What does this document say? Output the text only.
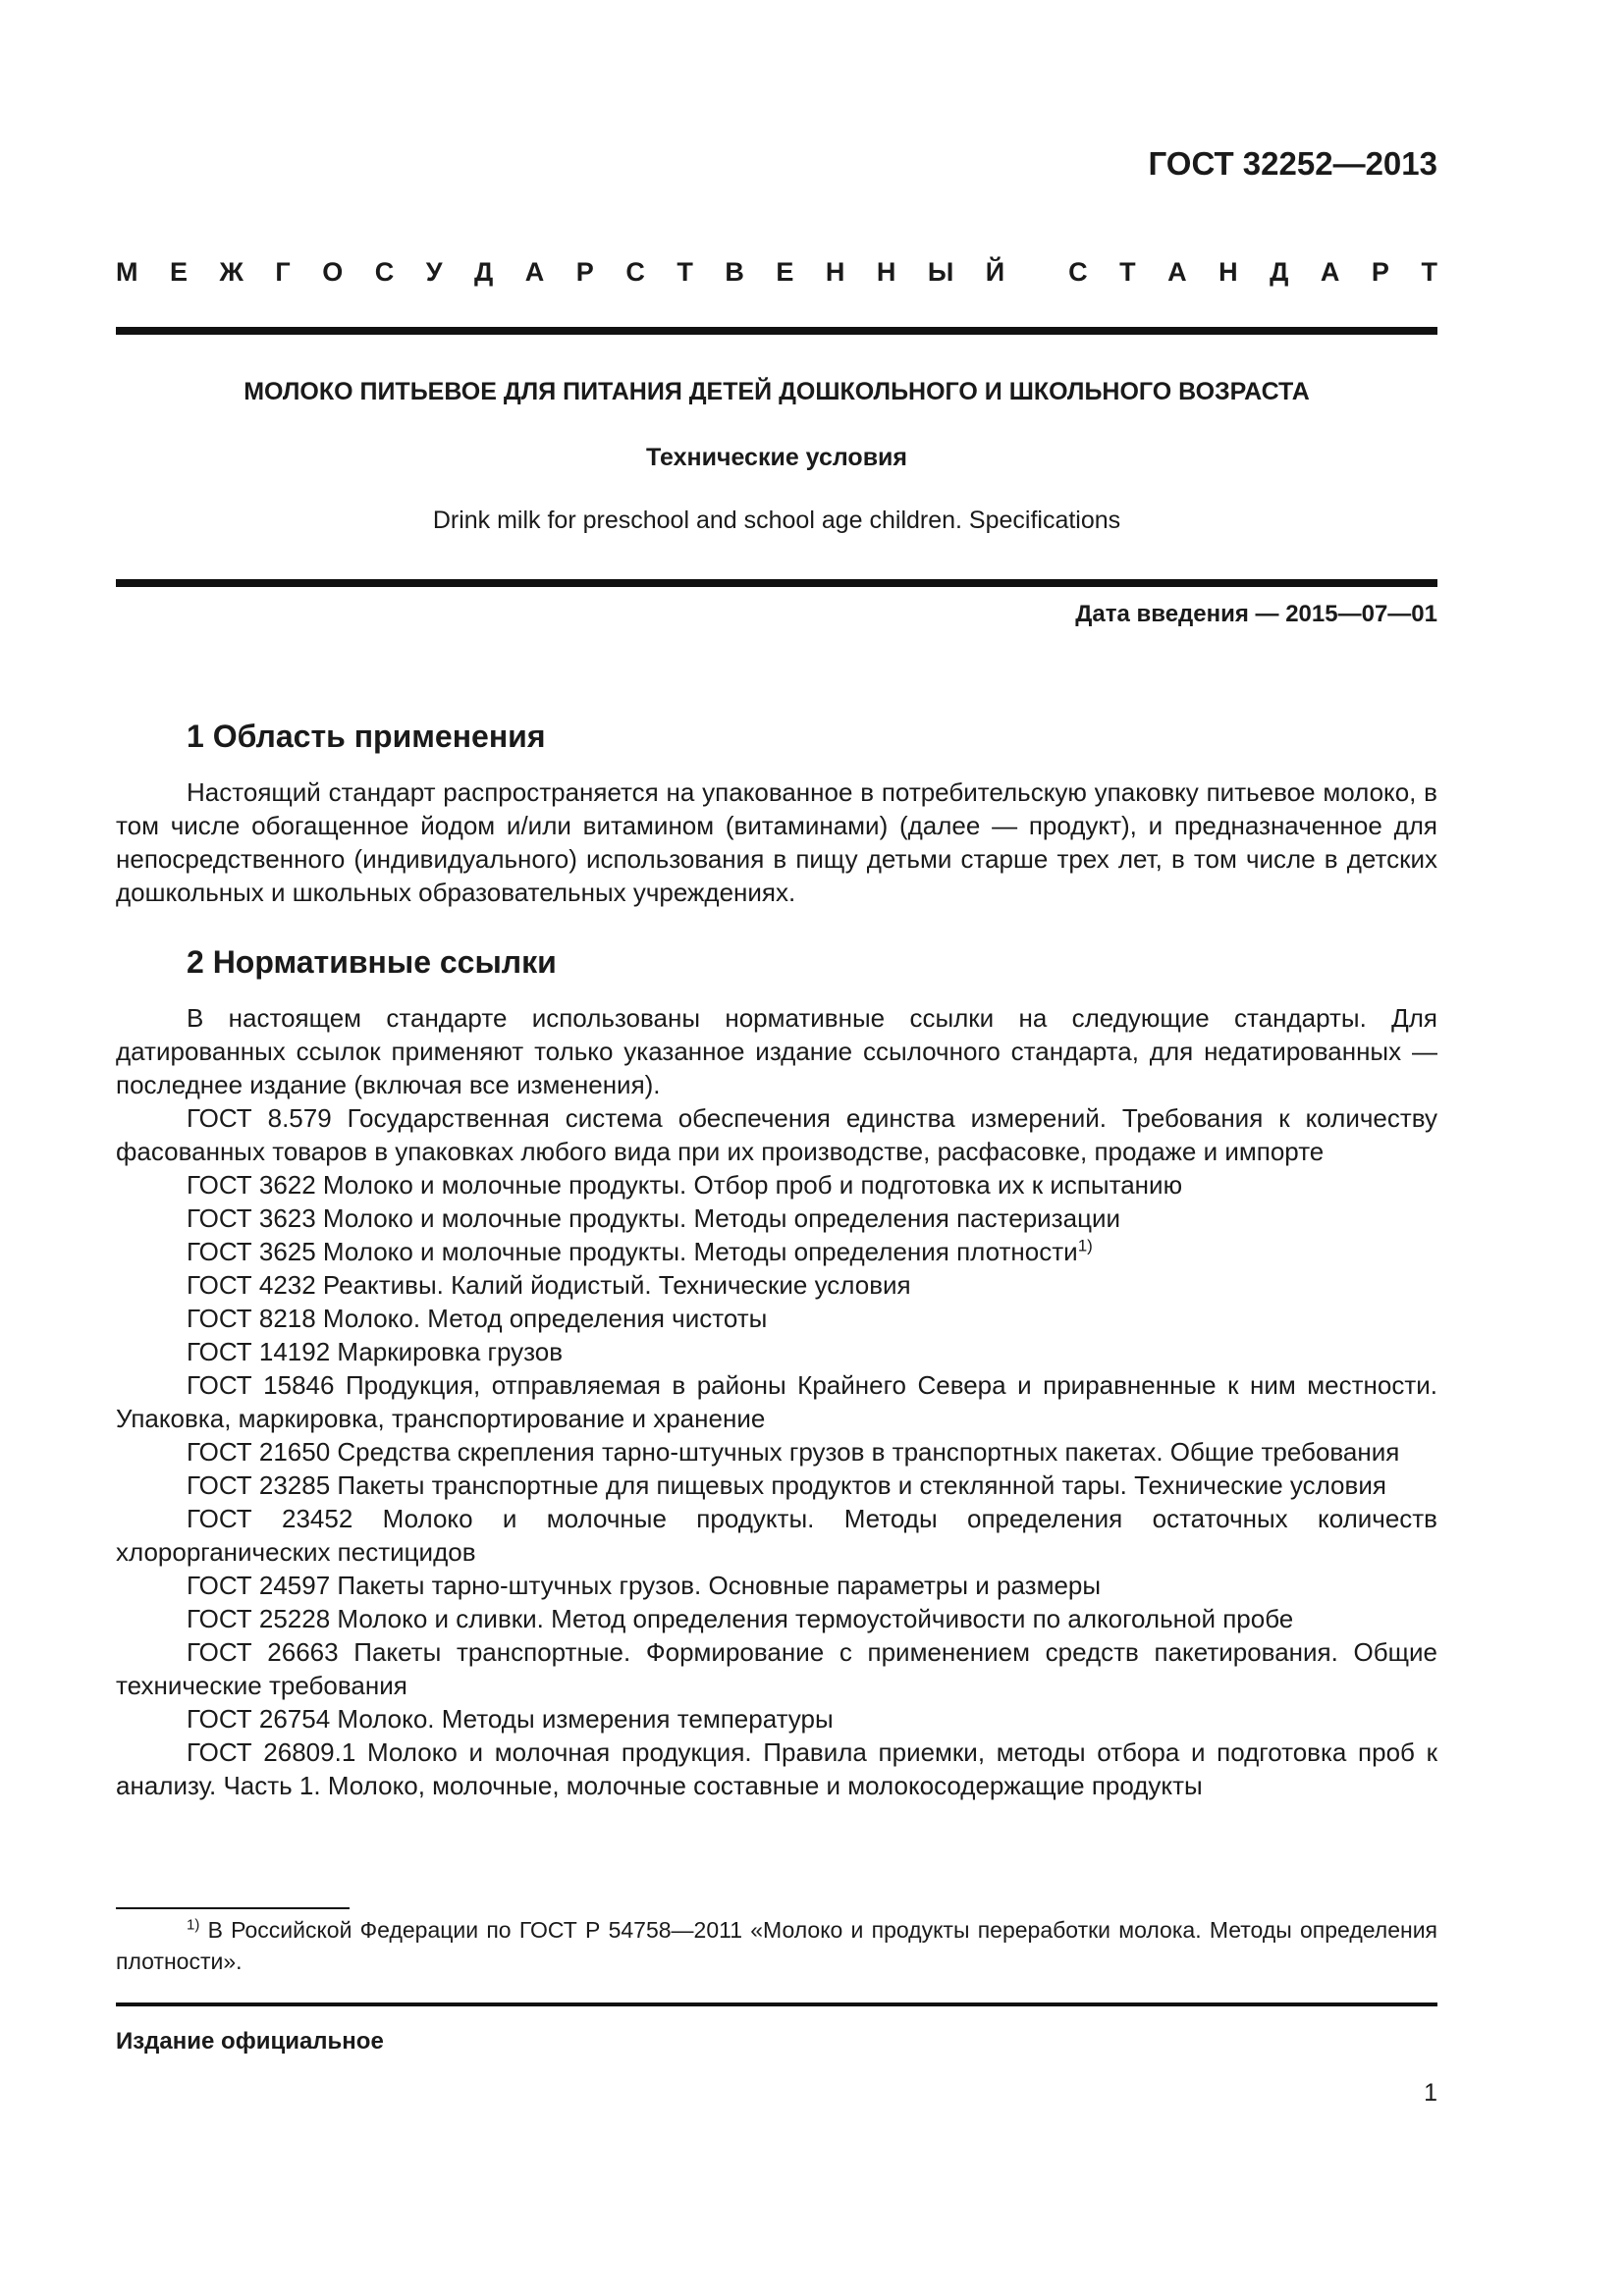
ГОСТ 32252—2013

М Е Ж Г О С У Д А Р С Т В Е Н Н Ы Й С Т А Н Д А Р Т

МОЛОКО ПИТЬЕВОЕ ДЛЯ ПИТАНИЯ ДЕТЕЙ ДОШКОЛЬНОГО И ШКОЛЬНОГО ВОЗРАСТА

Технические условия

Drink milk for preschool and school age children. Specifications

Дата введения — 2015—07—01

1 Область применения

Настоящий стандарт распространяется на упакованное в потребительскую упаковку питьевое молоко, в том числе обогащенное йодом и/или витамином (витаминами) (далее — продукт), и предназначенное для непосредственного (индивидуального) использования в пищу детьми старше трех лет, в том числе в детских дошкольных и школьных образовательных учреждениях.

2 Нормативные ссылки

В настоящем стандарте использованы нормативные ссылки на следующие стандарты. Для датированных ссылок применяют только указанное издание ссылочного стандарта, для недатированных — последнее издание (включая все изменения).

ГОСТ 8.579 Государственная система обеспечения единства измерений. Требования к количеству фасованных товаров в упаковках любого вида при их производстве, расфасовке, продаже и импорте

ГОСТ 3622 Молоко и молочные продукты. Отбор проб и подготовка их к испытанию

ГОСТ 3623 Молоко и молочные продукты. Методы определения пастеризации

ГОСТ 3625 Молоко и молочные продукты. Методы определения плотности$^{1)}$

ГОСТ 4232 Реактивы. Калий йодистый. Технические условия

ГОСТ 8218 Молоко. Метод определения чистоты

ГОСТ 14192 Маркировка грузов

ГОСТ 15846 Продукция, отправляемая в районы Крайнего Севера и приравненные к ним местности. Упаковка, маркировка, транспортирование и хранение

ГОСТ 21650 Средства скрепления тарно-штучных грузов в транспортных пакетах. Общие требования

ГОСТ 23285 Пакеты транспортные для пищевых продуктов и стеклянной тары. Технические условия

ГОСТ 23452 Молоко и молочные продукты. Методы определения остаточных количеств хлорорганических пестицидов

ГОСТ 24597 Пакеты тарно-штучных грузов. Основные параметры и размеры

ГОСТ 25228 Молоко и сливки. Метод определения термоустойчивости по алкогольной пробе

ГОСТ 26663 Пакеты транспортные. Формирование с применением средств пакетирования. Общие технические требования

ГОСТ 26754 Молоко. Методы измерения температуры

ГОСТ 26809.1 Молоко и молочная продукция. Правила приемки, методы отбора и подготовка проб к анализу. Часть 1. Молоко, молочные, молочные составные и молокосодержащие продукты

$^{1)}$ В Российской Федерации по ГОСТ Р 54758—2011 «Молоко и продукты переработки молока. Методы определения плотности».

Издание официальное

1
